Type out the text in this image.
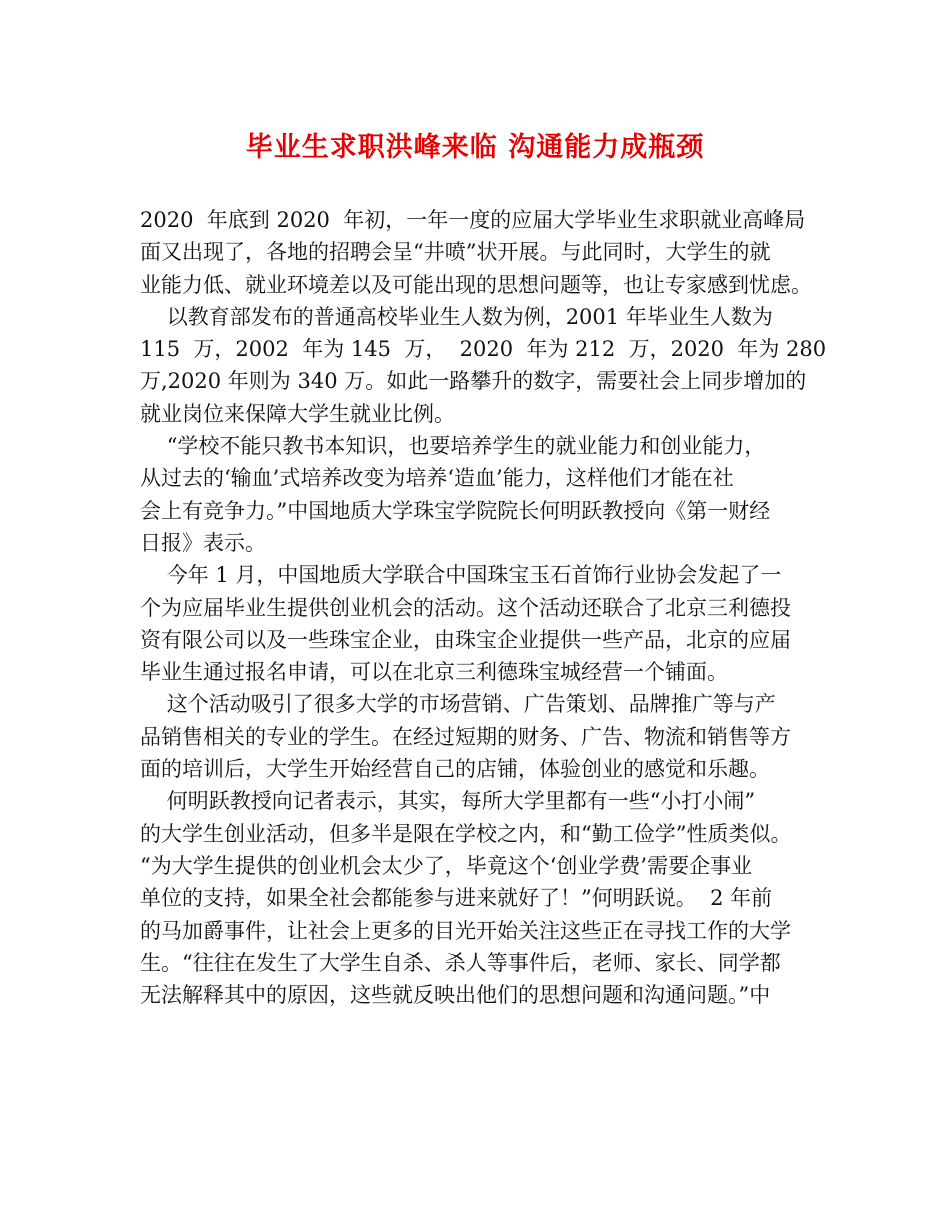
毕业生求职洪峰来临 沟通能力成瓶颈
2020  年底到 2020  年初，一年一度的应届大学毕业生求职就业高峰局
面又出现了，各地的招聘会呈“井喷”状开展。与此同时，大学生的就
业能力低、就业环境差以及可能出现的思想问题等，也让专家感到忧虑。
以教育部发布的普通高校毕业生人数为例，2001 年毕业生人数为
115  万，2002  年为 145  万，  2020  年为 212  万，2020  年为 280
万,2020 年则为 340 万。如此一路攀升的数字，需要社会上同步增加的
就业岗位来保障大学生就业比例。
“学校不能只教书本知识，也要培养学生的就业能力和创业能力，
从过去的‘输血’式培养改变为培养‘造血’能力，这样他们才能在社
会上有竞争力。”中国地质大学珠宝学院院长何明跃教授向《第一财经
日报》表示。
今年 1 月，中国地质大学联合中国珠宝玉石首饰行业协会发起了一
个为应届毕业生提供创业机会的活动。这个活动还联合了北京三利德投
资有限公司以及一些珠宝企业，由珠宝企业提供一些产品，北京的应届
毕业生通过报名申请，可以在北京三利德珠宝城经营一个铺面。
这个活动吸引了很多大学的市场营销、广告策划、品牌推广等与产
品销售相关的专业的学生。在经过短期的财务、广告、物流和销售等方
面的培训后，大学生开始经营自己的店铺，体验创业的感觉和乐趣。
何明跃教授向记者表示，其实，每所大学里都有一些“小打小闹”
的大学生创业活动，但多半是限在学校之内，和“勤工俭学”性质类似。
“为大学生提供的创业机会太少了，毕竟这个‘创业学费’需要企事业
单位的支持，如果全社会都能参与进来就好了！”何明跃说。  2 年前
的马加爵事件，让社会上更多的目光开始关注这些正在寻找工作的大学
生。“往往在发生了大学生自杀、杀人等事件后，老师、家长、同学都
无法解释其中的原因，这些就反映出他们的思想问题和沟通问题。”中
